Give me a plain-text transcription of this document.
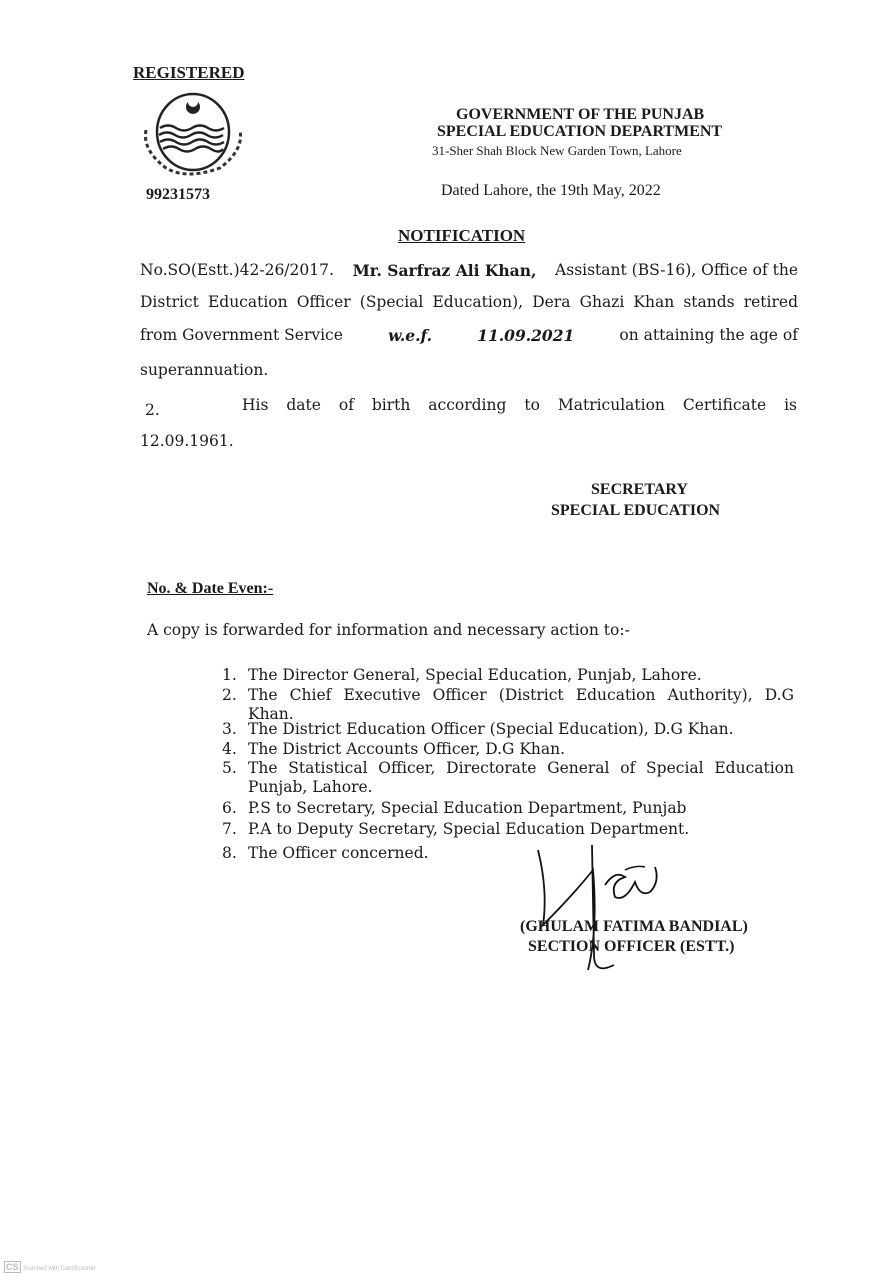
REGISTERED
99231573
GOVERNMENT OF THE PUNJAB
SPECIAL EDUCATION DEPARTMENT
31-Sher Shah Block New Garden Town, Lahore
Dated Lahore, the 19th May, 2022
NOTIFICATION
No.SO(Estt.)42-26/2017. Mr. Sarfraz Ali Khan, Assistant (BS-16), Office of the
District Education Officer (Special Education), Dera Ghazi Khan stands retired
from Government Service	w.e.f.	11.09.2021	on attaining the age of
superannuation.
2.	His date of birth according to Matriculation Certificate is
12.09.1961.
SECRETARY
SPECIAL EDUCATION
No. & Date Even:-
A copy is forwarded for information and necessary action to:-
1. The Director General, Special Education, Punjab, Lahore.
2. The Chief Executive Officer (District Education Authority), D.G
Khan.
3. The District Education Officer (Special Education), D.G Khan.
4. The District Accounts Officer, D.G Khan.
5. The Statistical Officer, Directorate General of Special Education
Punjab, Lahore.
6. P.S to Secretary, Special Education Department, Punjab
7. P.A to Deputy Secretary, Special Education Department.
8. The Officer concerned.
(GHULAM FATIMA BANDIAL)
SECTION OFFICER (ESTT.)
CS Scanned with CamScanner
